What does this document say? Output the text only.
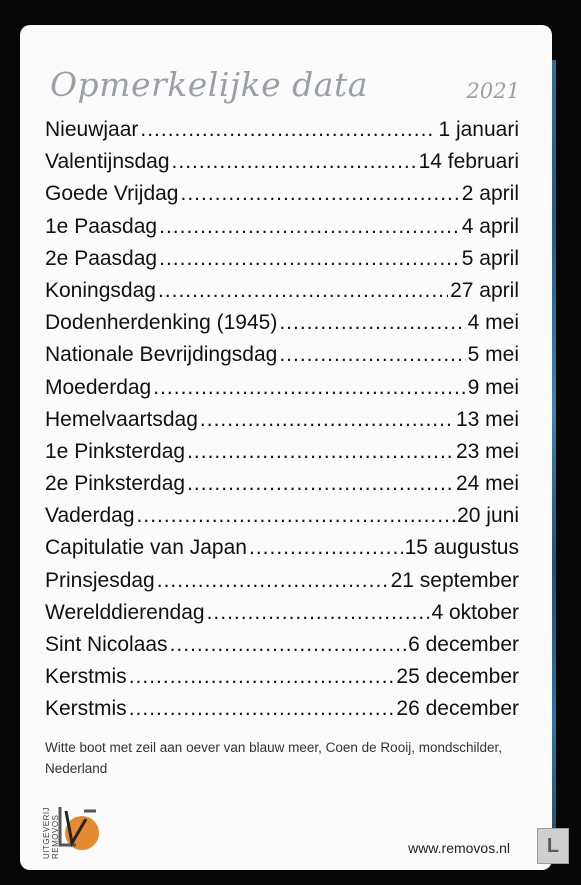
Opmerkelijke data	2021
Nieuwjaar .....	1 januari
Valentijnsdag .....	14 februari
Goede Vrijdag .....	2 april
1e Paasdag .....	4 april
2e Paasdag .....	5 april
Koningsdag .....	27 april
Dodenherdenking (1945) .....	4 mei
Nationale Bevrijdingsdag .....	5 mei
Moederdag .....	9 mei
Hemelvaartsdag .....	13 mei
1e Pinksterdag .....	23 mei
2e Pinksterdag .....	24 mei
Vaderdag .....	20 juni
Capitulatie van Japan .....	15 augustus
Prinsjesdag .....	21 september
Werelddierendag .....	4 oktober
Sint Nicolaas .....	6 december
Kerstmis .....	25 december
Kerstmis .....	26 december
Witte boot met zeil aan oever van blauw meer, Coen de Rooij, mondschilder, Nederland
UITGEVERIJ REMOVOS	www.removos.nl	L
